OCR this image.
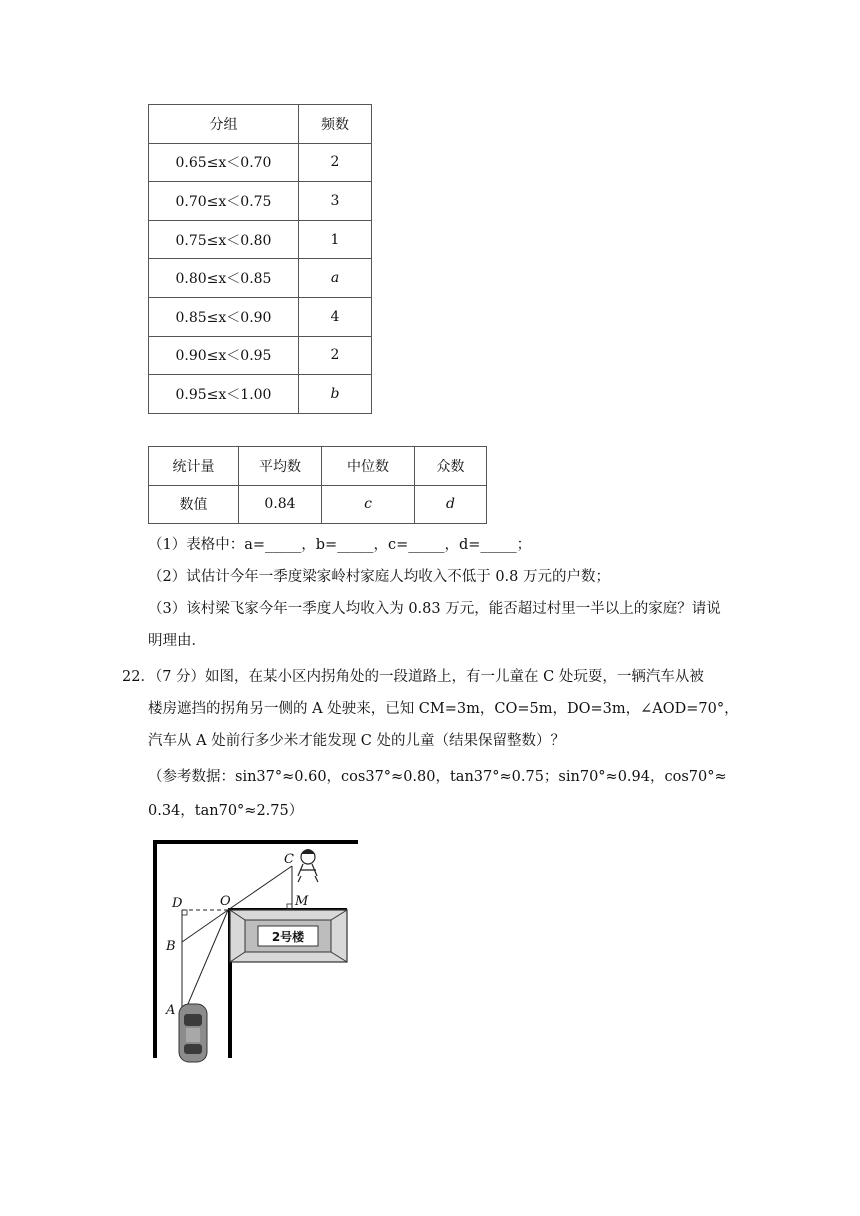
分组	频数
0.65≤x＜0.70	2
0.70≤x＜0.75	3
0.75≤x＜0.80	1
0.80≤x＜0.85	a
0.85≤x＜0.90	4
0.90≤x＜0.95	2
0.95≤x＜1.00	b
统计量	平均数	中位数	众数
数值	0.84	c	d
（1）表格中：a=_____，b=_____，c=_____，d=_____；
（2）试估计今年一季度梁家岭村家庭人均收入不低于 0.8 万元的户数；
（3）该村梁飞家今年一季度人均收入为 0.83 万元，能否超过村里一半以上的家庭？请说
明理由．
22．（7 分）如图，在某小区内拐角处的一段道路上，有一儿童在 C 处玩耍，一辆汽车从被
楼房遮挡的拐角另一侧的 A 处驶来，已知 CM=3m，CO=5m，DO=3m，∠AOD=70°，
汽车从 A 处前行多少米才能发现 C 处的儿童（结果保留整数）？
（参考数据：sin37°≈0.60，cos37°≈0.80，tan37°≈0.75；sin70°≈0.94，cos70°≈
0.34，tan70°≈2.75）
2号楼
C
M
D	O
B
A
